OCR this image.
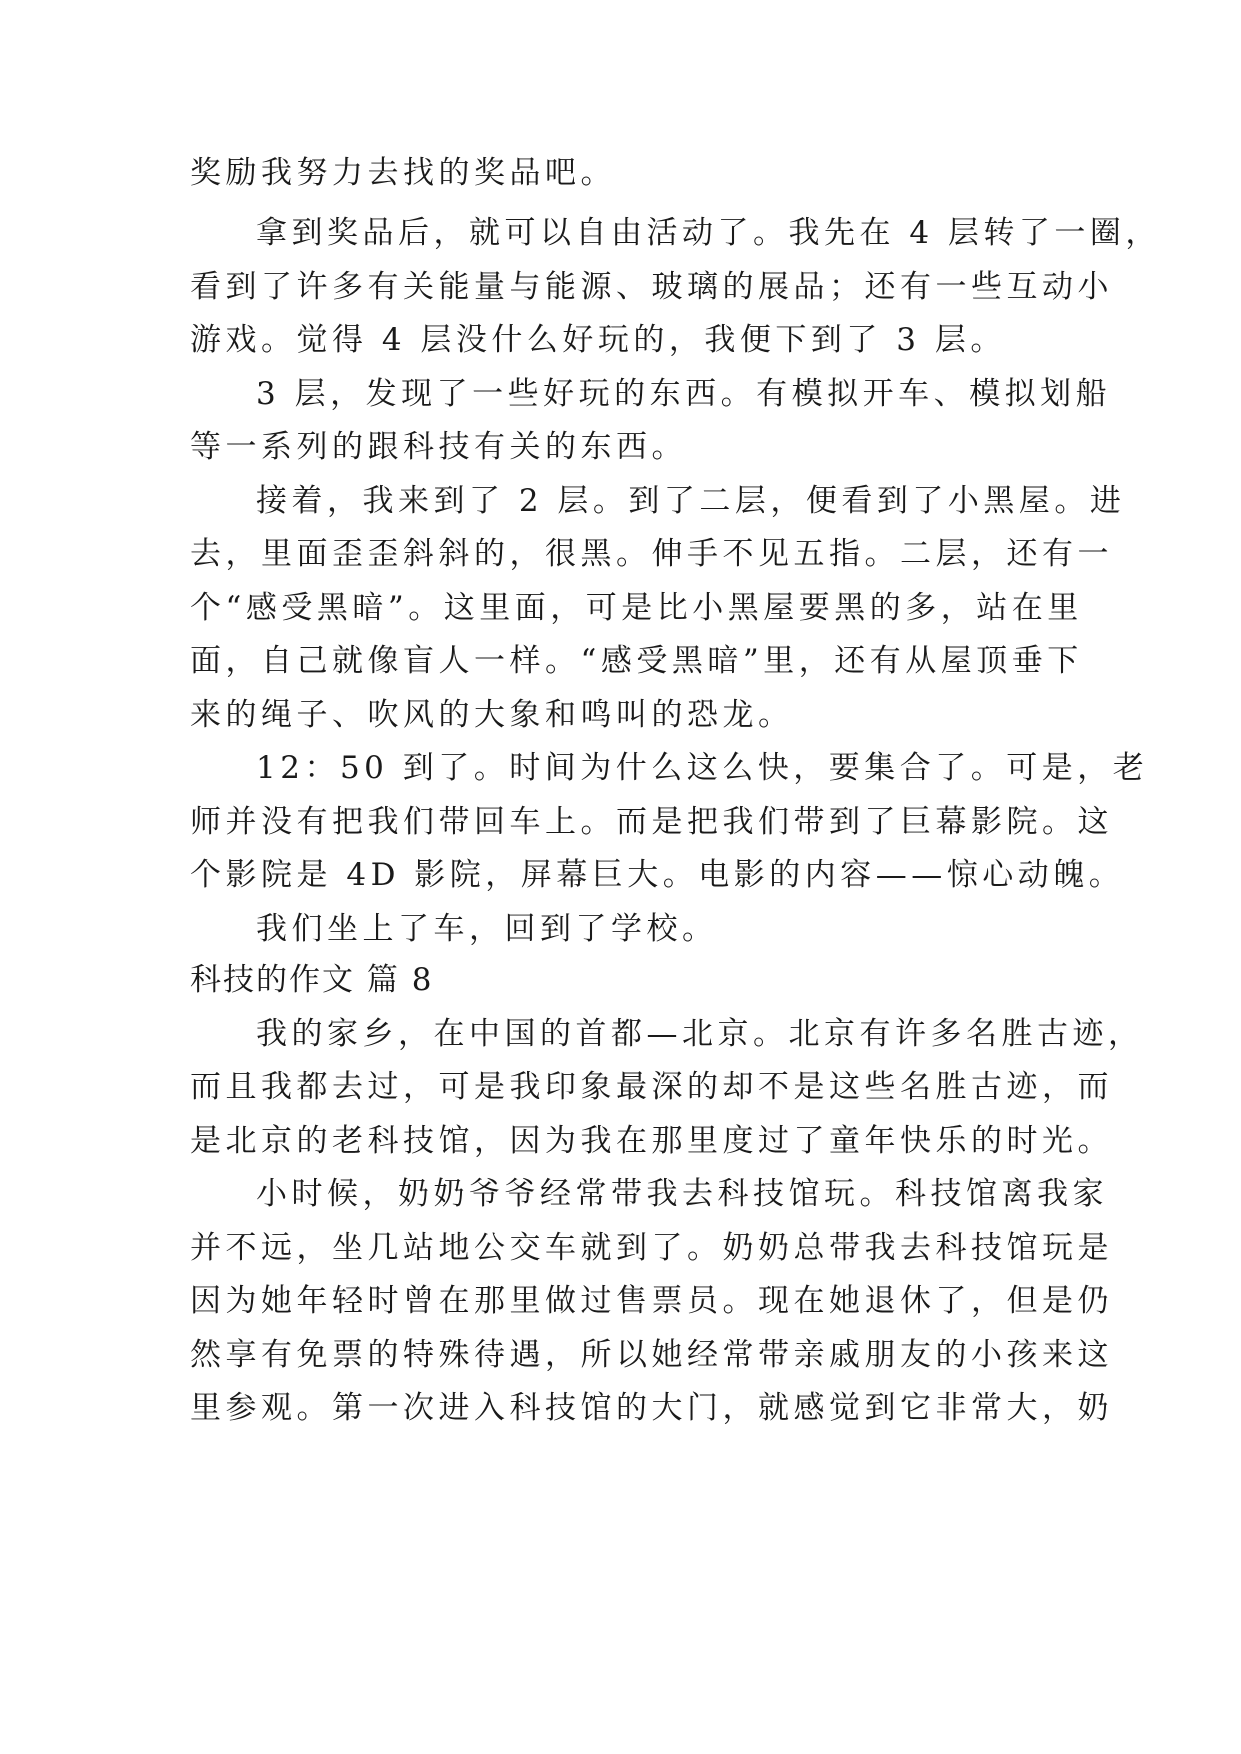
奖励我努力去找的奖品吧。
拿到奖品后，就可以自由活动了。我先在 4 层转了一圈，
看到了许多有关能量与能源、玻璃的展品；还有一些互动小
游戏。觉得 4 层没什么好玩的，我便下到了 3 层。
3 层，发现了一些好玩的东西。有模拟开车、模拟划船
等一系列的跟科技有关的东西。
接着，我来到了 2 层。到了二层，便看到了小黑屋。进
去，里面歪歪斜斜的，很黑。伸手不见五指。二层，还有一
个“感受黑暗”。这里面，可是比小黑屋要黑的多，站在里
面，自己就像盲人一样。“感受黑暗”里，还有从屋顶垂下
来的绳子、吹风的大象和鸣叫的恐龙。
12：50 到了。时间为什么这么快，要集合了。可是，老
师并没有把我们带回车上。而是把我们带到了巨幕影院。这
个影院是 4D 影院，屏幕巨大。电影的内容——惊心动魄。
我们坐上了车，回到了学校。
科技的作文 篇 8
我的家乡，在中国的首都—北京。北京有许多名胜古迹，
而且我都去过，可是我印象最深的却不是这些名胜古迹，而
是北京的老科技馆，因为我在那里度过了童年快乐的时光。
小时候，奶奶爷爷经常带我去科技馆玩。科技馆离我家
并不远，坐几站地公交车就到了。奶奶总带我去科技馆玩是
因为她年轻时曾在那里做过售票员。现在她退休了，但是仍
然享有免票的特殊待遇，所以她经常带亲戚朋友的小孩来这
里参观。第一次进入科技馆的大门，就感觉到它非常大，奶
